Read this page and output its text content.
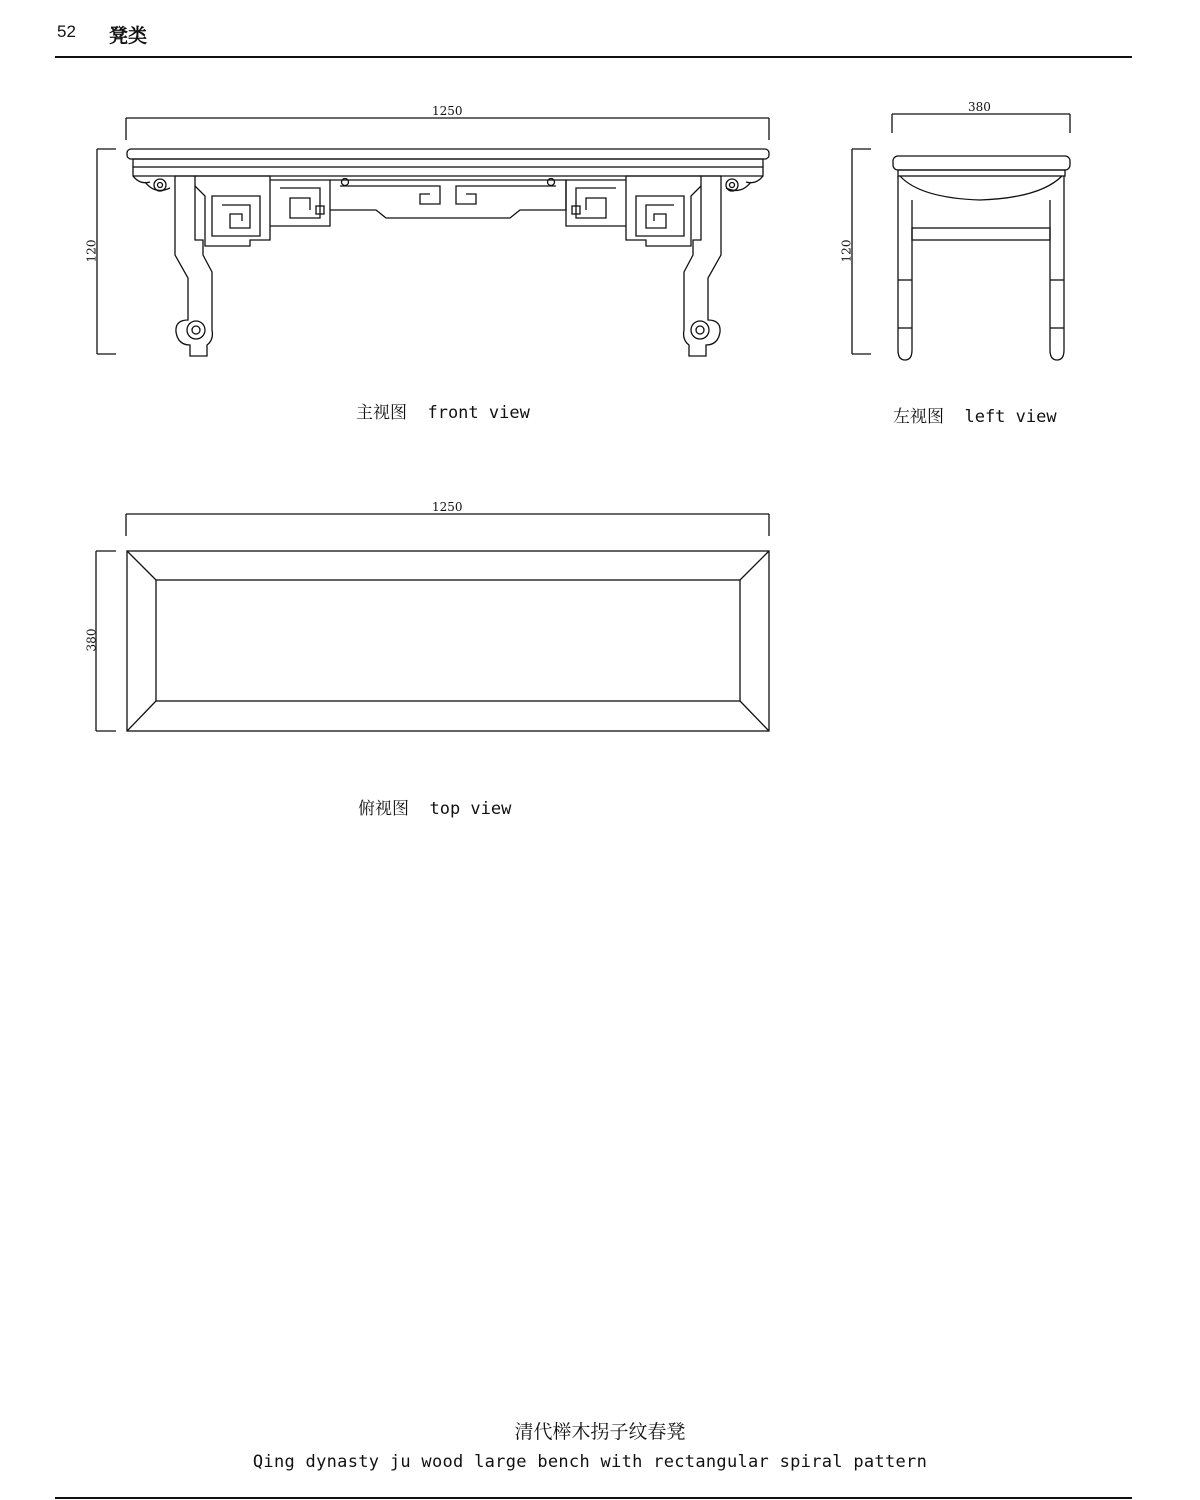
52 凳类
1250
120
380
120
1250
380
主视图  front view	左视图  left view
俯视图  top view
清代榉木拐子纹春凳
Qing dynasty ju wood large bench with rectangular spiral pattern
